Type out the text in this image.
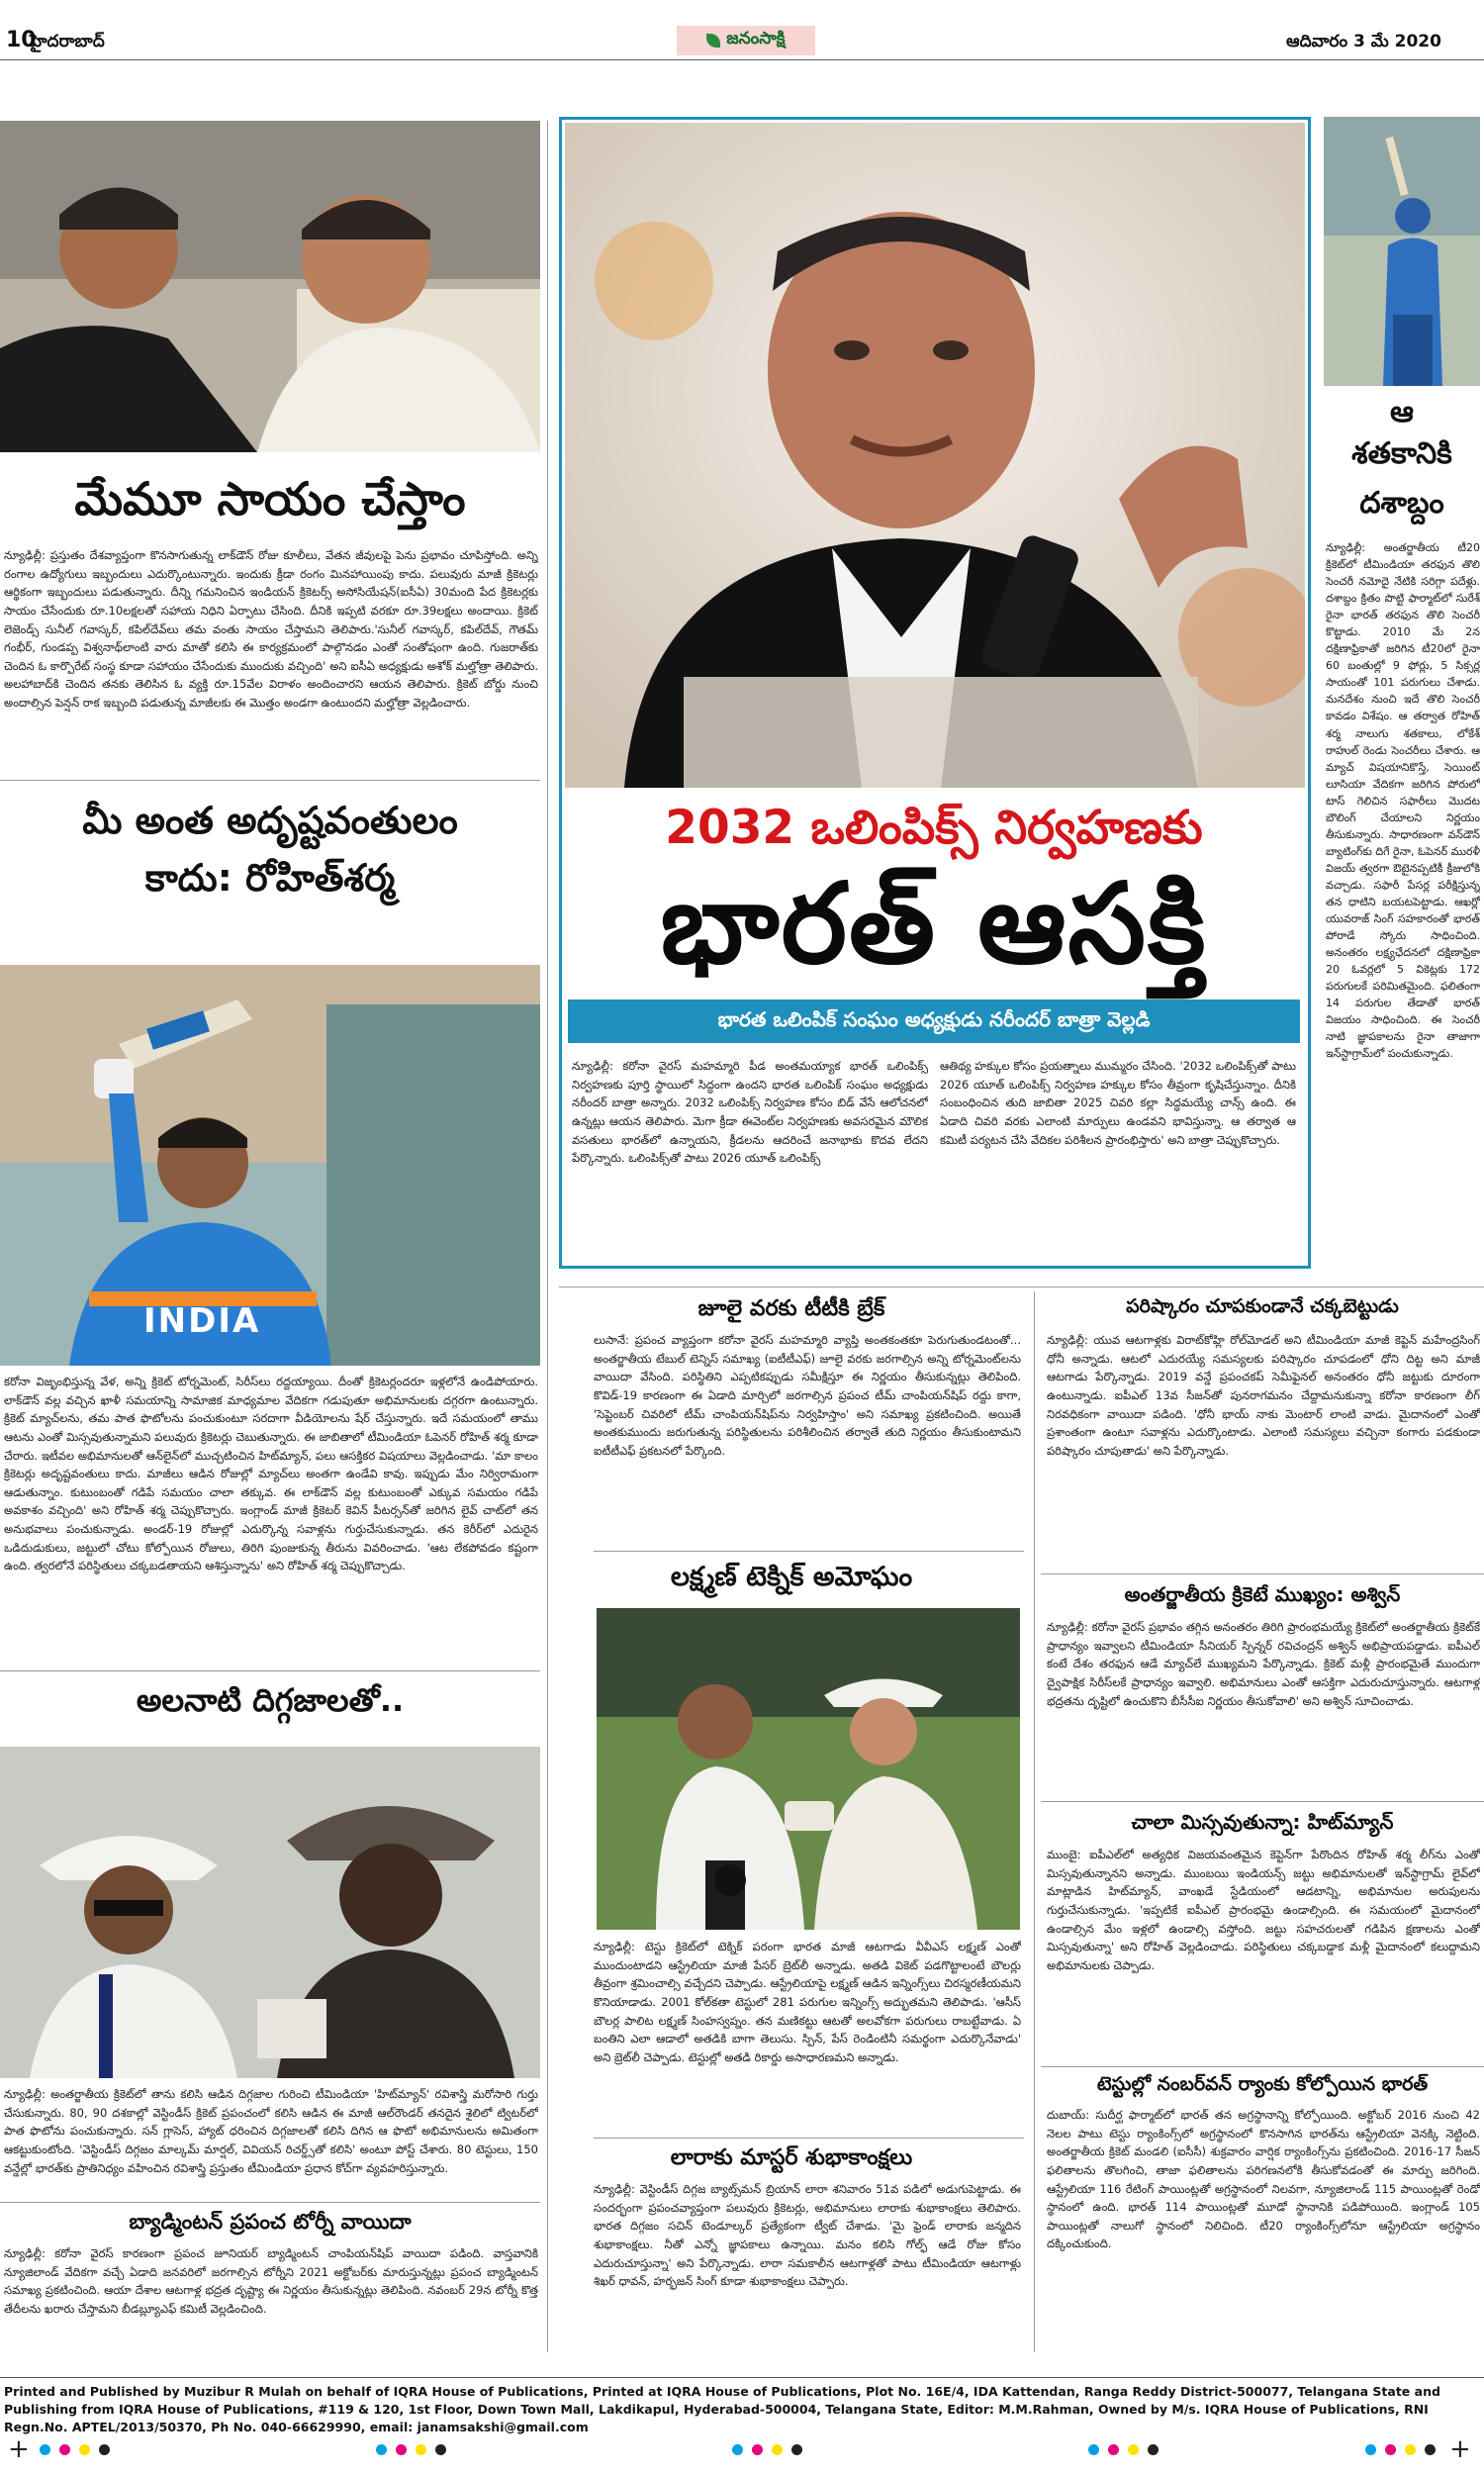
10
హైదరాబాద్	జనంసాక్షి	ఆదివారం 3 మే 2020
మేమూ సాయం చేస్తాం
న్యూఢిల్లీ: ప్రస్తుతం దేశవ్యాప్తంగా కొనసాగుతున్న లాక్‌డౌన్ రోజు కూలీలు, వేతన జీవులపై పెను ప్రభావం చూపిస్తోంది. అన్ని రంగాల ఉద్యోగులు ఇబ్బందులు ఎదుర్కొంటున్నారు. ఇందుకు క్రీడా రంగం మినహాయింపు కాదు. పలువురు మాజీ క్రికెటర్లు ఆర్థికంగా ఇబ్బందులు పడుతున్నారు. దీన్ని గమనించిన ఇండియన్ క్రికెటర్స్ అసోసియేషన్(ఐసీఏ) 30మంది పేద క్రికెటర్లకు సాయం చేసేందుకు రూ.10లక్షలతో సహాయ నిధిని ఏర్పాటు చేసింది. దీనికి ఇప్పటి వరకూ రూ.39లక్షలు అందాయి. క్రికెట్ లెజెండ్స్ సునీల్ గవాస్కర్, కపిల్‌దేవ్‌లు తమ వంతు సాయం చేస్తామని తెలిపారు.'సునీల్ గవాస్కర్, కపిల్‌దేవ్, గౌతమ్ గంభీర్, గుండప్ప విశ్వనాథ్‌లాంటి వారు మాతో కలిసి ఈ కార్యక్రమంలో పాల్గొనడం ఎంతో సంతోషంగా ఉంది. గుజరాత్‌కు చెందిన ఓ కార్పొరేట్ సంస్థ కూడా సహాయం చేసేందుకు ముందుకు వచ్చింది' అని ఐసీఏ అధ్యక్షుడు అశోక్ మల్హోత్రా తెలిపారు. అలహాబాద్‌కి చెందిన తనకు తెలిసిన ఓ వ్యక్తి రూ.15వేల విరాళం అందించారని ఆయన తెలిపారు. క్రికెట్ బోర్డు నుంచి అందాల్సిన పెన్షన్ రాక ఇబ్బంది పడుతున్న మాజీలకు ఈ మొత్తం అండగా ఉంటుందని మల్హోత్రా వెల్లడించారు.
మీ అంత అదృష్టవంతులం
కాదు: రోహిత్‌శర్మ
INDIA
కరోనా విజృంభిస్తున్న వేళ, అన్ని క్రికెట్ టోర్నమెంట్, సిరీస్‌లు రద్దయ్యాయి. దీంతో క్రికెటర్లందరూ ఇళ్లలోనే ఉండిపోయారు. లాక్‌డౌన్ వల్ల వచ్చిన ఖాళీ సమయాన్ని సామాజిక మాధ్యమాల వేదికగా గడుపుతూ అభిమానులకు దగ్గరగా ఉంటున్నారు. క్రికెట్ మ్యాచ్‌లను, తమ పాత ఫొటోలను పంచుకుంటూ సరదాగా వీడియోలను షేర్ చేస్తున్నారు. ఇదే సమయంలో తాము ఆటను ఎంతో మిస్సవుతున్నామని పలువురు క్రికెటర్లు చెబుతున్నారు. ఈ జాబితాలో టీమిండియా ఓపెనర్ రోహిత్ శర్మ కూడా చేరారు. ఇటీవల అభిమానులతో ఆన్‌లైన్‌లో ముచ్చటించిన హిట్‌మ్యాన్, పలు ఆసక్తికర విషయాలు వెల్లడించాడు. 'మా కాలం క్రికెటర్లు అదృష్టవంతులు కాదు. మాజీలు ఆడిన రోజుల్లో మ్యాచ్‌లు అంతగా ఉండేవి కావు. ఇప్పుడు మేం నిర్విరామంగా ఆడుతున్నాం. కుటుంబంతో గడిపే సమయం చాలా తక్కువ. ఈ లాక్‌డౌన్ వల్ల కుటుంబంతో ఎక్కువ సమయం గడిపే అవకాశం వచ్చింది' అని రోహిత్ శర్మ చెప్పుకొచ్చారు. ఇంగ్లాండ్ మాజీ క్రికెటర్ కెవిన్ పీటర్సన్‌తో జరిగిన లైవ్ చాట్‌లో తన అనుభవాలు పంచుకున్నాడు. అండర్-19 రోజుల్లో ఎదుర్కొన్న సవాళ్లను గుర్తుచేసుకున్నాడు. తన కెరీర్‌లో ఎదురైన ఒడిదుడుకులు, జట్టులో చోటు కోల్పోయిన రోజులు, తిరిగి పుంజుకున్న తీరును వివరించాడు. 'ఆట లేకపోవడం కష్టంగా ఉంది. త్వరలోనే పరిస్థితులు చక్కబడతాయని ఆశిస్తున్నాను' అని రోహిత్ శర్మ చెప్పుకొచ్చాడు.
అలనాటి దిగ్గజాలతో..
న్యూఢిల్లీ: అంతర్జాతీయ క్రికెట్‌లో తాను కలిసి ఆడిన దిగ్గజాల గురించి టీమిండియా 'హిట్‌మ్యాన్' రవిశాస్త్రి మరోసారి గుర్తు చేసుకున్నారు. 80, 90 దశకాల్లో వెస్టిండీస్ క్రికెట్ ప్రపంచంలో కలిసి ఆడిన ఈ మాజీ ఆల్‌రౌండర్ తనదైన శైలిలో ట్విటర్‌లో పాత ఫొటోను పంచుకున్నారు. సన్ గ్లాసెస్, హ్యాట్ ధరించిన దిగ్గజాలతో కలిసి దిగిన ఆ ఫొటో అభిమానులను అమితంగా ఆకట్టుకుంటోంది. 'వెస్టిండీస్ దిగ్గజం మాల్కమ్ మార్షల్, వివియన్ రిచర్డ్స్‌తో కలిసి'‌ అంటూ పోస్ట్ చేశారు. 80 టెస్టులు, 150 వన్డేల్లో భారత్‌కు ప్రాతినిధ్యం వహించిన రవిశాస్త్రి ప్రస్తుతం టీమిండియా ప్రధాన కోచ్‌గా వ్యవహరిస్తున్నారు.
బ్యాడ్మింటన్ ప్రపంచ టోర్నీ వాయిదా
న్యూఢిల్లీ: కరోనా వైరస్ కారణంగా ప్రపంచ జూనియర్ బ్యాడ్మింటన్ చాంపియన్‌షిప్ వాయిదా పడింది. వాస్తవానికి న్యూజిలాండ్ వేదికగా వచ్చే ఏడాది జనవరిలో జరగాల్సిన టోర్నీని 2021 అక్టోబర్‌కు మారుస్తున్నట్లు ప్రపంచ బ్యాడ్మింటన్ సమాఖ్య ప్రకటించింది. ఆయా దేశాల ఆటగాళ్ల భద్రత దృష్ట్యా ఈ నిర్ణయం తీసుకున్నట్లు తెలిపింది. నవంబర్ 29న టోర్నీ కొత్త తేదీలను ఖరారు చేస్తామని బీడబ్ల్యూఎఫ్ కమిటీ వెల్లడించింది.
2032 ఒలింపిక్స్ నిర్వహణకు
భారత్ ఆసక్తి
భారత ఒలింపిక్ సంఘం అధ్యక్షుడు నరీందర్ బాత్రా వెల్లడి
న్యూఢిల్లీ: కరోనా వైరస్ మహమ్మారి పీడ అంతమయ్యాక భారత్ ఒలింపిక్స్ నిర్వహణకు పూర్తి స్థాయిలో సిద్ధంగా ఉందని భారత ఒలింపిక్ సంఘం అధ్యక్షుడు నరీందర్ బాత్రా అన్నారు. 2032 ఒలింపిక్స్ నిర్వహణ కోసం బిడ్ వేసే ఆలోచనలో ఉన్నట్లు ఆయన తెలిపారు. మెగా క్రీడా ఈవెంట్‌ల నిర్వహణకు అవసరమైన మౌలిక వసతులు భారత్‌లో ఉన్నాయని, క్రీడలను ఆదరించే జనాభాకు కొదవ లేదని పేర్కొన్నారు. ఒలింపిక్స్‌తో పాటు 2026 యూత్ ఒలింపిక్స్
ఆతిథ్య హక్కుల కోసం ప్రయత్నాలు ముమ్మరం చేసింది. '2032 ఒలింపిక్స్‌తో పాటు 2026 యూత్ ఒలింపిక్స్ నిర్వహణ హక్కుల కోసం తీవ్రంగా కృషిచేస్తున్నాం. దీనికి సంబంధించిన తుది జాబితా 2025 చివరి కల్లా సిద్ధమయ్యే చాన్స్ ఉంది. ఈ ఏడాది చివరి వరకు ఎలాంటి మార్పులు ఉండవని భావిస్తున్నా. ఆ తర్వాత ఆ కమిటీ పర్యటన చేసి వేదికల పరిశీలన ప్రారంభిస్తారు' అని బాత్రా చెప్పుకొచ్చారు.
ఆ
శతకానికి
దశాబ్దం
న్యూఢిల్లీ: అంతర్జాతీయ టీ20 క్రికెట్‌లో టీమిండియా తరఫున తొలి సెంచరీ నమోదై నేటికి సరిగ్గా పదేళ్లు. దశాబ్దం క్రితం పొట్టి ఫార్మాట్‌లో సురేశ్ రైనా భారత్ తరఫున తొలి సెంచరీ కొట్టాడు. 2010 మే 2న దక్షిణాఫ్రికాతో జరిగిన టీ20లో రైనా 60 బంతుల్లో 9 ఫోర్లు, 5 సిక్సర్ల సాయంతో 101 పరుగులు చేశాడు. మనదేశం నుంచి ఇదే తొలి సెంచరీ కావడం విశేషం. ఆ తర్వాత రోహిత్ శర్మ నాలుగు శతకాలు, లోకేశ్ రాహుల్ రెండు సెంచరీలు చేశారు. ఆ మ్యాచ్ విషయానికొస్తే, సెయింట్ లూసియా వేదికగా జరిగిన పోరులో టాస్ గెలిచిన సఫారీలు మొదట బౌలింగ్ చేయాలని నిర్ణయం తీసుకున్నారు. సాధారణంగా వన్‌డౌన్ బ్యాటింగ్‌కు దిగే రైనా, ఓపెనర్ మురళీ విజయ్ త్వరగా ఔటైనప్పటికీ క్రీజులోకి వచ్చాడు. సఫారీ పేసర్ల పరీక్షిస్తున్న తన ధాటిని బయటపెట్టాడు. ఆఖర్లో యువరాజ్ సింగ్ సహకారంతో భారత్ పోరాడే స్కోరు సాధించింది. అనంతరం లక్ష్యఛేదనలో దక్షిణాఫ్రికా 20 ఓవర్లలో 5 వికెట్లకు 172 పరుగులకే పరిమితమైంది. ఫలితంగా 14 పరుగుల తేడాతో భారత్ విజయం సాధించింది. ఈ సెంచరీ నాటి జ్ఞాపకాలను రైనా తాజాగా ఇన్‌స్టాగ్రామ్‌లో పంచుకున్నాడు.
జూలై వరకు టీటీకి బ్రేక్
లుసానే: ప్రపంచ వ్యాప్తంగా కరోనా వైరస్ మహమ్మారి వ్యాప్తి అంతకంతకూ పెరుగుతుండటంతో... అంతర్జాతీయ టేబుల్ టెన్నిస్ సమాఖ్య (ఐటీటీఎఫ్) జూలై వరకు జరగాల్సిన అన్ని టోర్నమెంట్‌లను వాయిదా వేసింది. పరిస్థితిని ఎప్పటికప్పుడు సమీక్షిస్తూ ఈ నిర్ణయం తీసుకున్నట్లు తెలిపింది. కొవిడ్-19 కారణంగా ఈ ఏడాది మార్చిలో జరగాల్సిన ప్రపంచ టీమ్ చాంపియన్‌షిప్ రద్దు కాగా, 'సెప్టెంబర్ చివరిలో టీమ్ చాంపియన్‌షిప్‌ను నిర్వహిస్తాం' అని సమాఖ్య ప్రకటించింది. అయితే అంతకుముందు జరుగుతున్న పరిస్థితులను పరిశీలించిన తర్వాతే తుది నిర్ణయం తీసుకుంటామని ఐటీటీఎఫ్ ప్రకటనలో పేర్కొంది.
లక్ష్మణ్ టెక్నిక్ అమోఘం
న్యూఢిల్లీ: టెస్టు క్రికెట్‌లో టెక్నిక్ పరంగా భారత మాజీ ఆటగాడు వీవీఎస్ లక్ష్మణ్ ఎంతో ముందుంటాడని ఆస్ట్రేలియా మాజీ పేసర్ బ్రెట్‌లీ అన్నాడు. అతడి వికెట్ పడగొట్టాలంటే బౌలర్లు తీవ్రంగా శ్రమించాల్సి వచ్చేదని చెప్పాడు. ఆస్ట్రేలియాపై లక్ష్మణ్ ఆడిన ఇన్నింగ్స్‌లు చిరస్మరణీయమని కొనియాడాడు. 2001 కోల్‌కతా టెస్టులో 281 పరుగుల ఇన్నింగ్స్ అద్భుతమని తెలిపాడు. 'ఆసీస్ బౌలర్ల పాలిట లక్ష్మణ్ సింహస్వప్నం. తన మణికట్టు ఆటతో అలవోకగా పరుగులు రాబట్టేవాడు. ఏ బంతిని ఎలా ఆడాలో అతడికి బాగా తెలుసు. స్పిన్, పేస్ రెండింటినీ సమర్థంగా ఎదుర్కొనేవాడు' అని బ్రెట్‌లీ చెప్పాడు. టెస్టుల్లో అతడి రికార్డు అసాధారణమని అన్నాడు.
లారాకు మాస్టర్ శుభాకాంక్షలు
న్యూఢిల్లీ: వెస్టిండీస్ దిగ్గజ బ్యాట్స్‌మన్ బ్రియాన్ లారా శనివారం 51వ పడిలో అడుగుపెట్టాడు. ఈ సందర్భంగా ప్రపంచవ్యాప్తంగా పలువురు క్రికెటర్లు, అభిమానులు లారాకు శుభాకాంక్షలు తెలిపారు. భారత దిగ్గజం సచిన్ టెండూల్కర్ ప్రత్యేకంగా ట్వీట్ చేశాడు. 'మై ఫ్రెండ్ లారాకు జన్మదిన శుభాకాంక్షలు. నీతో ఎన్నో జ్ఞాపకాలు ఉన్నాయి. మనం కలిసి గోల్ఫ్ ఆడే రోజు కోసం ఎదురుచూస్తున్నా' అని పేర్కొన్నాడు. లారా సమకాలీన ఆటగాళ్లతో పాటు టీమిండియా ఆటగాళ్లు శిఖర్ ధావన్, హర్భజన్ సింగ్ కూడా శుభాకాంక్షలు చెప్పారు.
పరిష్కారం చూపకుండానే చక్కబెట్టుడు
న్యూఢిల్లీ: యువ ఆటగాళ్లకు విరాట్‌కోహ్లి రోల్‌మోడల్ అని టీమిండియా మాజీ కెప్టెన్ మహేంద్రసింగ్ ధోనీ అన్నాడు. ఆటలో ఎదురయ్యే సమస్యలకు పరిష్కారం చూపడంలో ధోని దిట్ట అని మాజీ ఆటగాడు పేర్కొన్నాడు. 2019 వన్డే ప్రపంచకప్ సెమీఫైనల్ అనంతరం ధోనీ జట్టుకు దూరంగా ఉంటున్నాడు. ఐపీఎల్ 13వ సీజన్‌తో పునరాగమనం చేద్దామనుకున్నా కరోనా కారణంగా లీగ్ నిరవధికంగా వాయిదా పడింది. 'ధోనీ భాయ్ నాకు మెంటార్ లాంటి వాడు. మైదానంలో ఎంతో ప్రశాంతంగా ఉంటూ సవాళ్లను ఎదుర్కొంటాడు. ఎలాంటి సమస్యలు వచ్చినా కంగారు పడకుండా పరిష్కారం చూపుతాడు' అని పేర్కొన్నాడు.
అంతర్జాతీయ క్రికెటే ముఖ్యం: అశ్విన్
న్యూఢిల్లీ: కరోనా వైరస్ ప్రభావం తగ్గిన అనంతరం తిరిగి ప్రారంభమయ్యే క్రికెట్‌లో అంతర్జాతీయ క్రికెట్‌కే ప్రాధాన్యం ఇవ్వాలని టీమిండియా సీనియర్ స్పిన్నర్ రవిచంద్రన్ అశ్విన్ అభిప్రాయపడ్డాడు. ఐపీఎల్ కంటే దేశం తరఫున ఆడే మ్యాచ్‌లే ముఖ్యమని పేర్కొన్నాడు. క్రికెట్ మళ్లీ ప్రారంభమైతే ముందుగా ద్వైపాక్షిక సిరీస్‌లకే ప్రాధాన్యం ఇవ్వాలి. అభిమానులు ఎంతో ఆసక్తిగా ఎదురుచూస్తున్నారు. ఆటగాళ్ల భద్రతను దృష్టిలో ఉంచుకొని బీసీసీఐ నిర్ణయం తీసుకోవాలి' అని అశ్విన్ సూచించాడు.
చాలా మిస్సవుతున్నా: హిట్‌మ్యాన్
ముంబై: ఐపీఎల్‌లో అత్యధిక విజయవంతమైన కెప్టెన్‌గా పేరొందిన రోహిత్ శర్మ లీగ్‌ను ఎంతో మిస్సవుతున్నానని అన్నాడు. ముంబయి ఇండియన్స్‌ జట్టు అభిమానులతో ఇన్‌స్టాగ్రామ్ లైవ్‌లో మాట్లాడిన హిట్‌మ్యాన్, వాంఖడే స్టేడియంలో ఆడటాన్ని, అభిమానుల అరుపులను గుర్తుచేసుకున్నాడు. 'ఇప్పటికే ఐపీఎల్ ప్రారంభమై ఉండాల్సింది. ఈ సమయంలో మైదానంలో ఉండాల్సిన మేం ఇళ్లలో ఉండాల్సి వస్తోంది. జట్టు సహచరులతో గడిపిన క్షణాలను ఎంతో మిస్సవుతున్నా' అని రోహిత్ వెల్లడించాడు. పరిస్థితులు చక్కబడ్డాక మళ్లీ మైదానంలో కలుద్దామని అభిమానులకు చెప్పాడు.
టెస్టుల్లో నంబర్‌వన్ ర్యాంకు కోల్పోయిన భారత్
దుబాయ్: సుదీర్ఘ ఫార్మాట్‌లో భారత్ తన అగ్రస్థానాన్ని కోల్పోయింది. అక్టోబర్ 2016 నుంచి 42 నెలల పాటు టెస్టు ర్యాంకింగ్స్‌లో అగ్రస్థానంలో కొనసాగిన భారత్‌ను ఆస్ట్రేలియా వెనక్కి నెట్టింది. అంతర్జాతీయ క్రికెట్ మండలి (ఐసీసీ) శుక్రవారం వార్షిక ర్యాంకింగ్స్‌ను ప్రకటించింది. 2016-17 సీజన్ ఫలితాలను తొలగించి, తాజా ఫలితాలను పరిగణనలోకి తీసుకోవడంతో ఈ మార్పు జరిగింది. ఆస్ట్రేలియా 116 రేటింగ్ పాయింట్లతో అగ్రస్థానంలో నిలవగా, న్యూజిలాండ్ 115 పాయింట్లతో రెండో స్థానంలో ఉంది. భారత్ 114 పాయింట్లతో మూడో స్థానానికి పడిపోయింది. ఇంగ్లాండ్ 105 పాయింట్లతో నాలుగో స్థానంలో నిలిచింది. టీ20 ర్యాంకింగ్స్‌లోనూ ఆస్ట్రేలియా అగ్రస్థానం దక్కించుకుంది.
Printed and Published by Muzibur R Mulah on behalf of IQRA House of Publications, Printed at IQRA House of Publications, Plot No. 16E/4, IDA Kattendan, Ranga Reddy District-500077, Telangana State and Publishing from IQRA House of Publications, #119 & 120, 1st Floor, Down Town Mall, Lakdikapul, Hyderabad-500004, Telangana State, Editor: M.M.Rahman, Owned by M/s. IQRA House of Publications, RNI Regn.No. APTEL/2013/50370, Ph No. 040-66629990, email: janamsakshi@gmail.com
+	+
